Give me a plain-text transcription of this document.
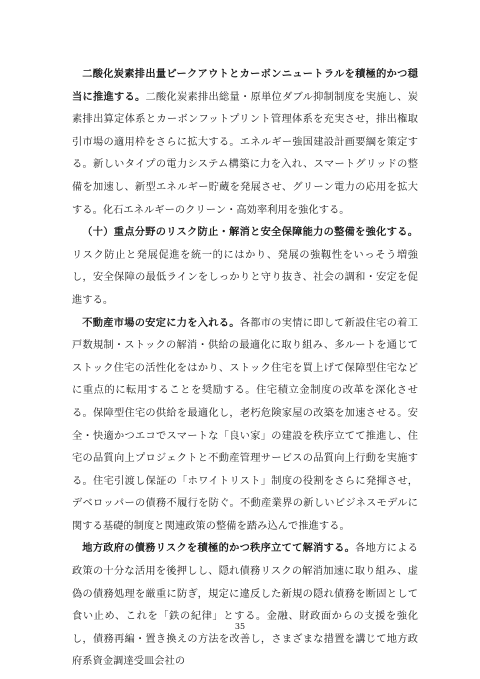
二酸化炭素排出量ピークアウトとカーボンニュートラルを積極的かつ穏当に推進する。二酸化炭素排出総量・原単位ダブル抑制制度を実施し、炭素排出算定体系とカーボンフットプリント管理体系を充実させ，排出権取引市場の適用枠をさらに拡大する。エネルギー強国建設計画要綱を策定する。新しいタイプの電力システム構築に力を入れ、スマートグリッドの整備を加速し、新型エネルギー貯蔵を発展させ、グリーン電力の応用を拡大する。化石エネルギーのクリーン・高効率利用を強化する。

（十）重点分野のリスク防止・解消と安全保障能力の整備を強化する。リスク防止と発展促進を統一的にはかり、発展の強靱性をいっそう増強し，安全保障の最低ラインをしっかりと守り抜き、社会の調和・安定を促進する。

不動産市場の安定に力を入れる。各都市の実情に即して新設住宅の着工戸数規制・ストックの解消・供給の最適化に取り組み、多ルートを通じてストック住宅の活性化をはかり、ストック住宅を買上げて保障型住宅などに重点的に転用することを奨励する。住宅積立金制度の改革を深化させる。保障型住宅の供給を最適化し，老朽危険家屋の改築を加速させる。安全・快適かつエコでスマートな「良い家」の建設を秩序立てて推進し、住宅の品質向上プロジェクトと不動産管理サービスの品質向上行動を実施する。住宅引渡し保証の「ホワイトリスト」制度の役割をさらに発揮させ，デベロッパーの債務不履行を防ぐ。不動産業界の新しいビジネスモデルに関する基礎的制度と関連政策の整備を踏み込んで推進する。

地方政府の債務リスクを積極的かつ秩序立てて解消する。各地方による政策の十分な活用を後押しし、隠れ債務リスクの解消加速に取り組み、虚偽の債務処理を厳重に防ぎ，規定に違反した新規の隠れ債務を断固として食い止め、これを「鉄の紀律」とする。金融、財政面からの支援を強化し，債務再編・置き換えの方法を改善し，さまざまな措置を講じて地方政府系資金調達受皿会社の

35
